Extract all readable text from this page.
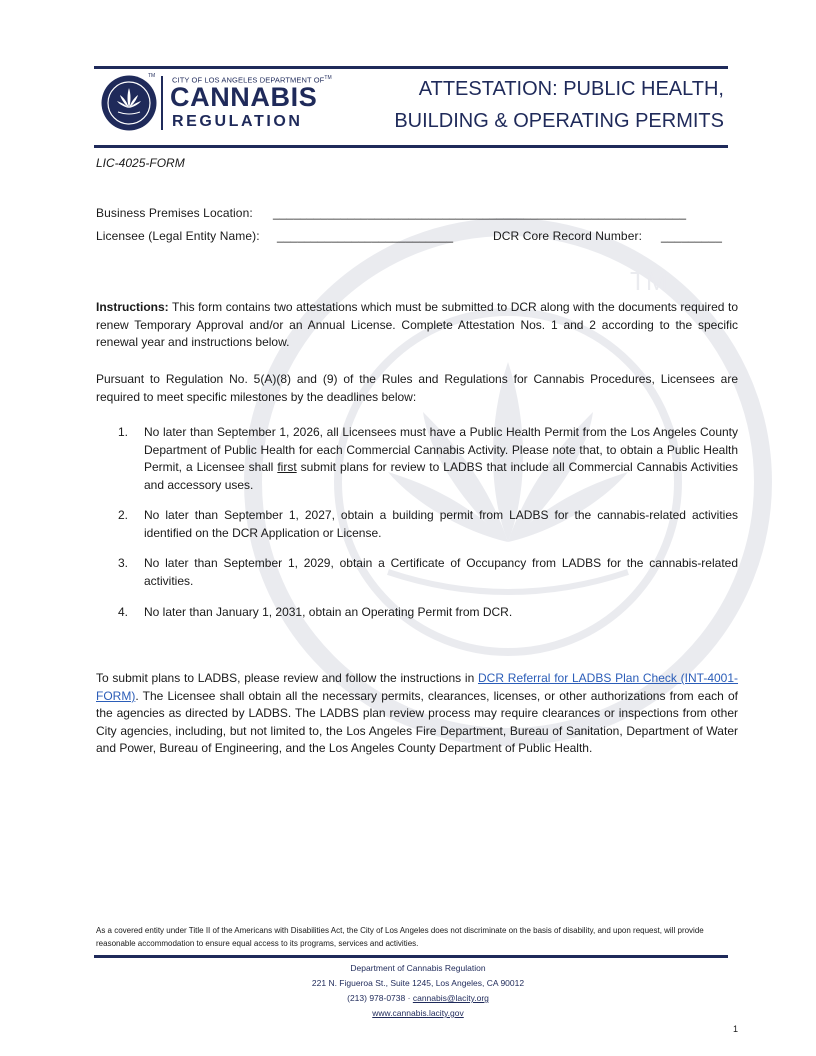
TM
TM CITY OF LOS ANGELES DEPARTMENT OF™
CANNABIS
REGULATION
ATTESTATION: PUBLIC HEALTH,
BUILDING & OPERATING PERMITS
LIC-4025-FORM
Business Premises Location: _____________________________________________________________
Licensee (Legal Entity Name): __________________________	DCR Core Record Number: _________
Instructions: This form contains two attestations which must be submitted to DCR along with the documents required to renew Temporary Approval and/or an Annual License. Complete Attestation Nos. 1 and 2 according to the specific renewal year and instructions below.
Pursuant to Regulation No. 5(A)(8) and (9) of the Rules and Regulations for Cannabis Procedures, Licensees are required to meet specific milestones by the deadlines below:
1. No later than September 1, 2026, all Licensees must have a Public Health Permit from the Los Angeles County Department of Public Health for each Commercial Cannabis Activity. Please note that, to obtain a Public Health Permit, a Licensee shall first submit plans for review to LADBS that include all Commercial Cannabis Activities and accessory uses.
2. No later than September 1, 2027, obtain a building permit from LADBS for the cannabis-related activities identified on the DCR Application or License.
3. No later than September 1, 2029, obtain a Certificate of Occupancy from LADBS for the cannabis-related activities.
4. No later than January 1, 2031, obtain an Operating Permit from DCR.
To submit plans to LADBS, please review and follow the instructions in DCR Referral for LADBS Plan Check (INT-4001-FORM). The Licensee shall obtain all the necessary permits, clearances, licenses, or other authorizations from each of the agencies as directed by LADBS. The LADBS plan review process may require clearances or inspections from other City agencies, including, but not limited to, the Los Angeles Fire Department, Bureau of Sanitation, Department of Water and Power, Bureau of Engineering, and the Los Angeles County Department of Public Health.
As a covered entity under Title II of the Americans with Disabilities Act, the City of Los Angeles does not discriminate on the basis of disability, and upon request, will provide reasonable accommodation to ensure equal access to its programs, services and activities.
Department of Cannabis Regulation
221 N. Figueroa St., Suite 1245, Los Angeles, CA 90012
(213) 978-0738 · cannabis@lacity.org
www.cannabis.lacity.gov
1
